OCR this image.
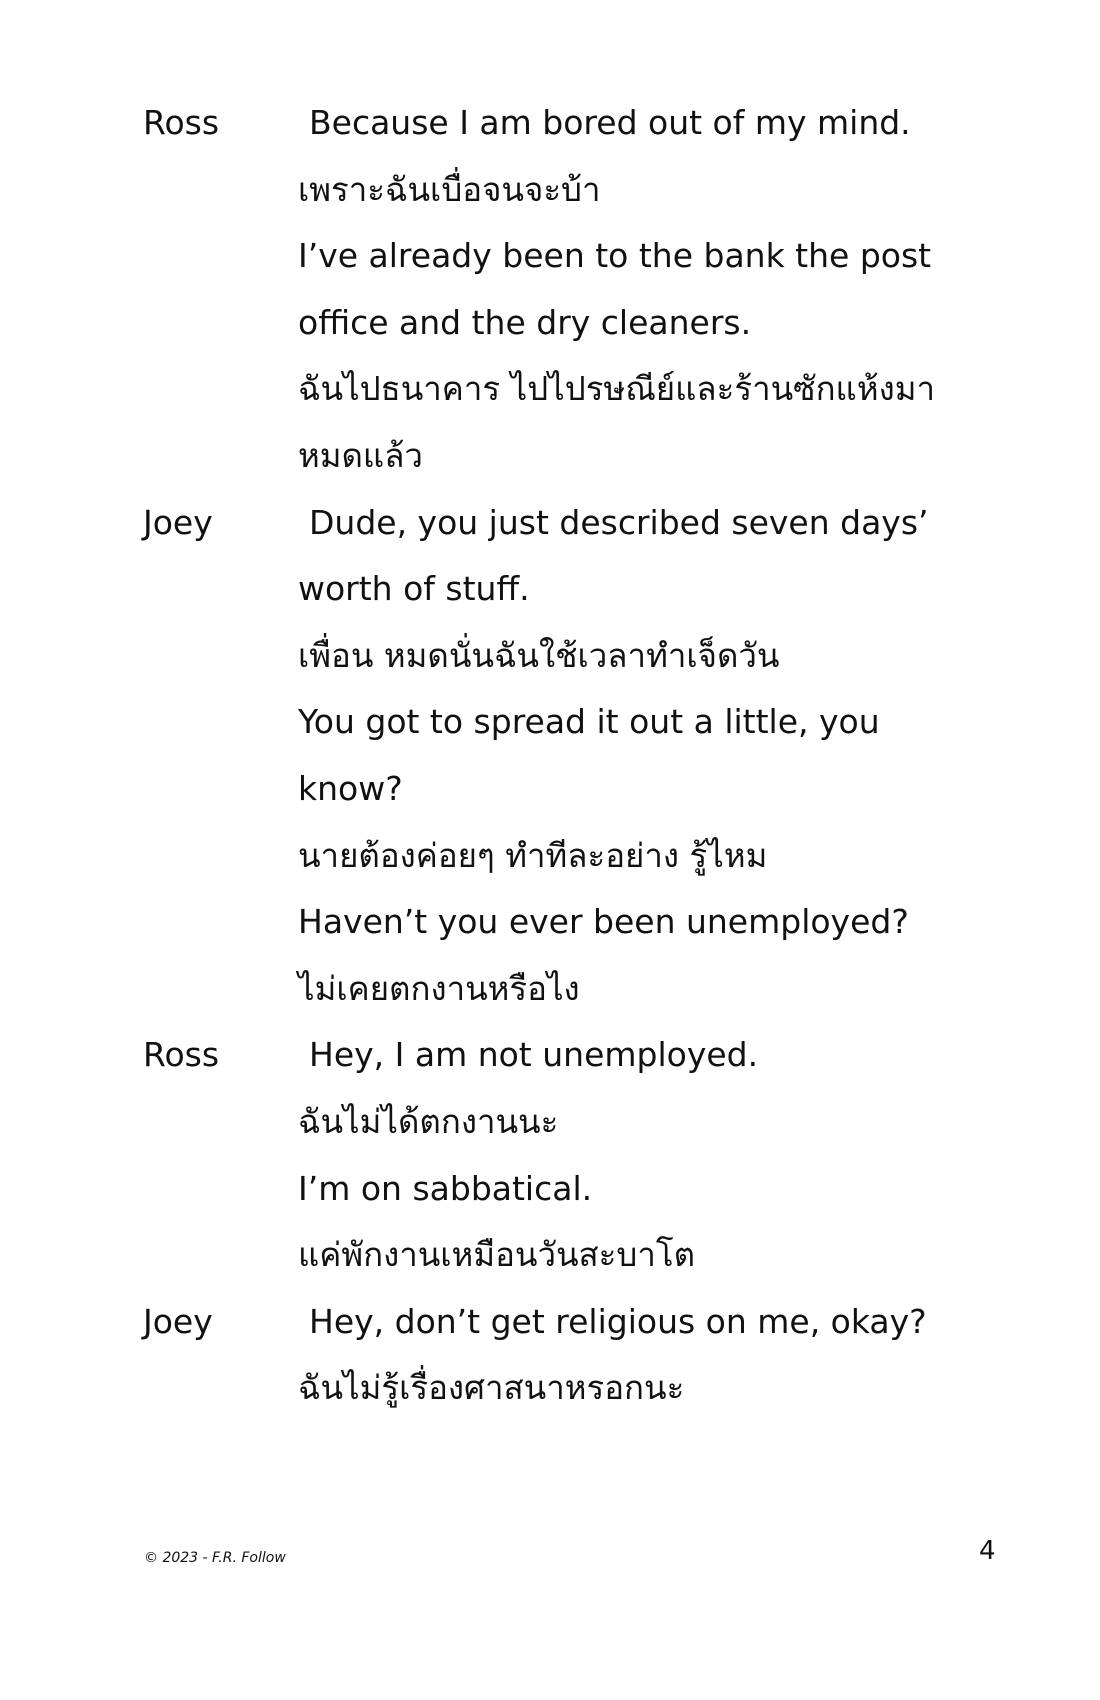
Ross	Because I am bored out of my mind.
เพราะฉันเบื่อจนจะบ้า
I’ve already been to the bank the post
office and the dry cleaners.
ฉันไปธนาคาร ไปไปรษณีย์และร้านซักแห้งมา
หมดแล้ว
Joey	Dude, you just described seven days’
worth of stuff.
เพื่อน หมดนั่นฉันใช้เวลาทำเจ็ดวัน
You got to spread it out a little, you
know?
นายต้องค่อยๆ ทำทีละอย่าง รู้ไหม
Haven’t you ever been unemployed?
ไม่เคยตกงานหรือไง
Ross	Hey, I am not unemployed.
ฉันไม่ได้ตกงานนะ
I’m on sabbatical.
แค่พักงานเหมือนวันสะบาโต
Joey	Hey, don’t get religious on me, okay?
ฉันไม่รู้เรื่องศาสนาหรอกนะ
© 2023 - F.R. Follow	4
